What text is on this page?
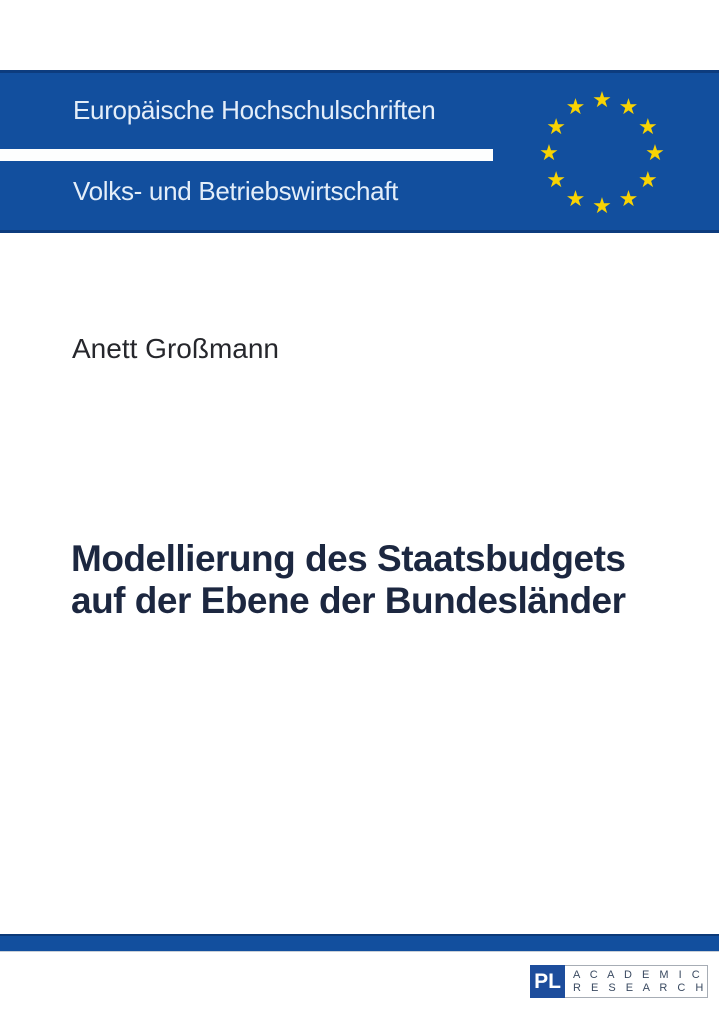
Europäische Hochschulschriften
Volks- und Betriebswirtschaft
★ ★
★
★
★
★
★
★
★
★
★
★
Anett Großmann
Modellierung des Staatsbudgets
auf der Ebene der Bundesländer
PL	A C A D E M I C
R E S E A R C H
